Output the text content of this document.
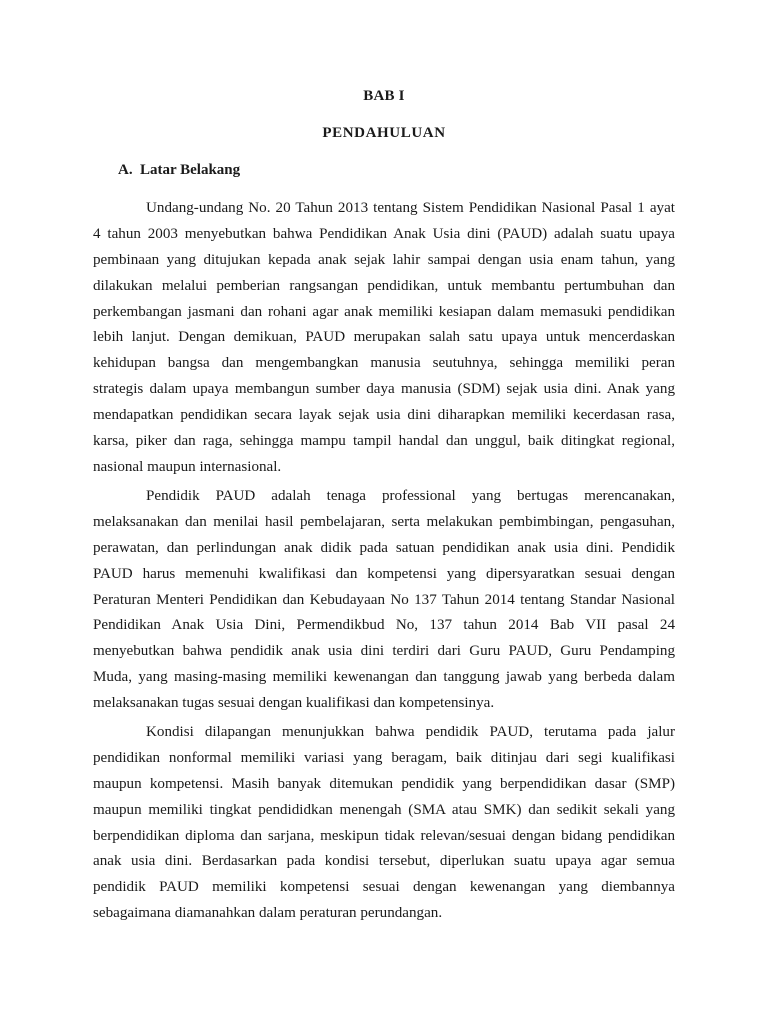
BAB I
PENDAHULUAN
A. Latar Belakang
Undang-undang No. 20 Tahun 2013 tentang Sistem Pendidikan Nasional Pasal 1 ayat
4 tahun 2003 menyebutkan bahwa Pendidikan Anak Usia dini (PAUD) adalah suatu upaya
pembinaan yang ditujukan kepada anak sejak lahir sampai dengan usia enam tahun, yang
dilakukan melalui pemberian rangsangan pendidikan, untuk membantu pertumbuhan dan
perkembangan jasmani dan rohani agar anak memiliki kesiapan dalam memasuki pendidikan
lebih lanjut. Dengan demikuan, PAUD merupakan salah satu upaya untuk mencerdaskan
kehidupan bangsa dan mengembangkan manusia seutuhnya, sehingga memiliki peran
strategis dalam upaya membangun sumber daya manusia (SDM) sejak usia dini. Anak yang
mendapatkan pendidikan secara layak sejak usia dini diharapkan memiliki kecerdasan rasa,
karsa, piker dan raga, sehingga mampu tampil handal dan unggul, baik ditingkat regional,
nasional maupun internasional.
Pendidik PAUD adalah tenaga professional yang bertugas merencanakan,
melaksanakan dan menilai hasil pembelajaran, serta melakukan pembimbingan, pengasuhan,
perawatan, dan perlindungan anak didik pada satuan pendidikan anak usia dini. Pendidik
PAUD harus memenuhi kwalifikasi dan kompetensi yang dipersyaratkan sesuai dengan
Peraturan Menteri Pendidikan dan Kebudayaan No 137 Tahun 2014 tentang Standar Nasional
Pendidikan Anak Usia Dini, Permendikbud No, 137 tahun 2014 Bab VII pasal 24
menyebutkan bahwa pendidik anak usia dini terdiri dari Guru PAUD, Guru Pendamping
Muda, yang masing-masing memiliki kewenangan dan tanggung jawab yang berbeda dalam
melaksanakan tugas sesuai dengan kualifikasi dan kompetensinya.
Kondisi dilapangan menunjukkan bahwa pendidik PAUD, terutama pada jalur
pendidikan nonformal memiliki variasi yang beragam, baik ditinjau dari segi kualifikasi
maupun kompetensi. Masih banyak ditemukan pendidik yang berpendidikan dasar (SMP)
maupun memiliki tingkat pendididkan menengah (SMA atau SMK) dan sedikit sekali yang
berpendidikan diploma dan sarjana, meskipun tidak relevan/sesuai dengan bidang pendidikan
anak usia dini. Berdasarkan pada kondisi tersebut, diperlukan suatu upaya agar semua
pendidik PAUD memiliki kompetensi sesuai dengan kewenangan yang diembannya
sebagaimana diamanahkan dalam peraturan perundangan.
